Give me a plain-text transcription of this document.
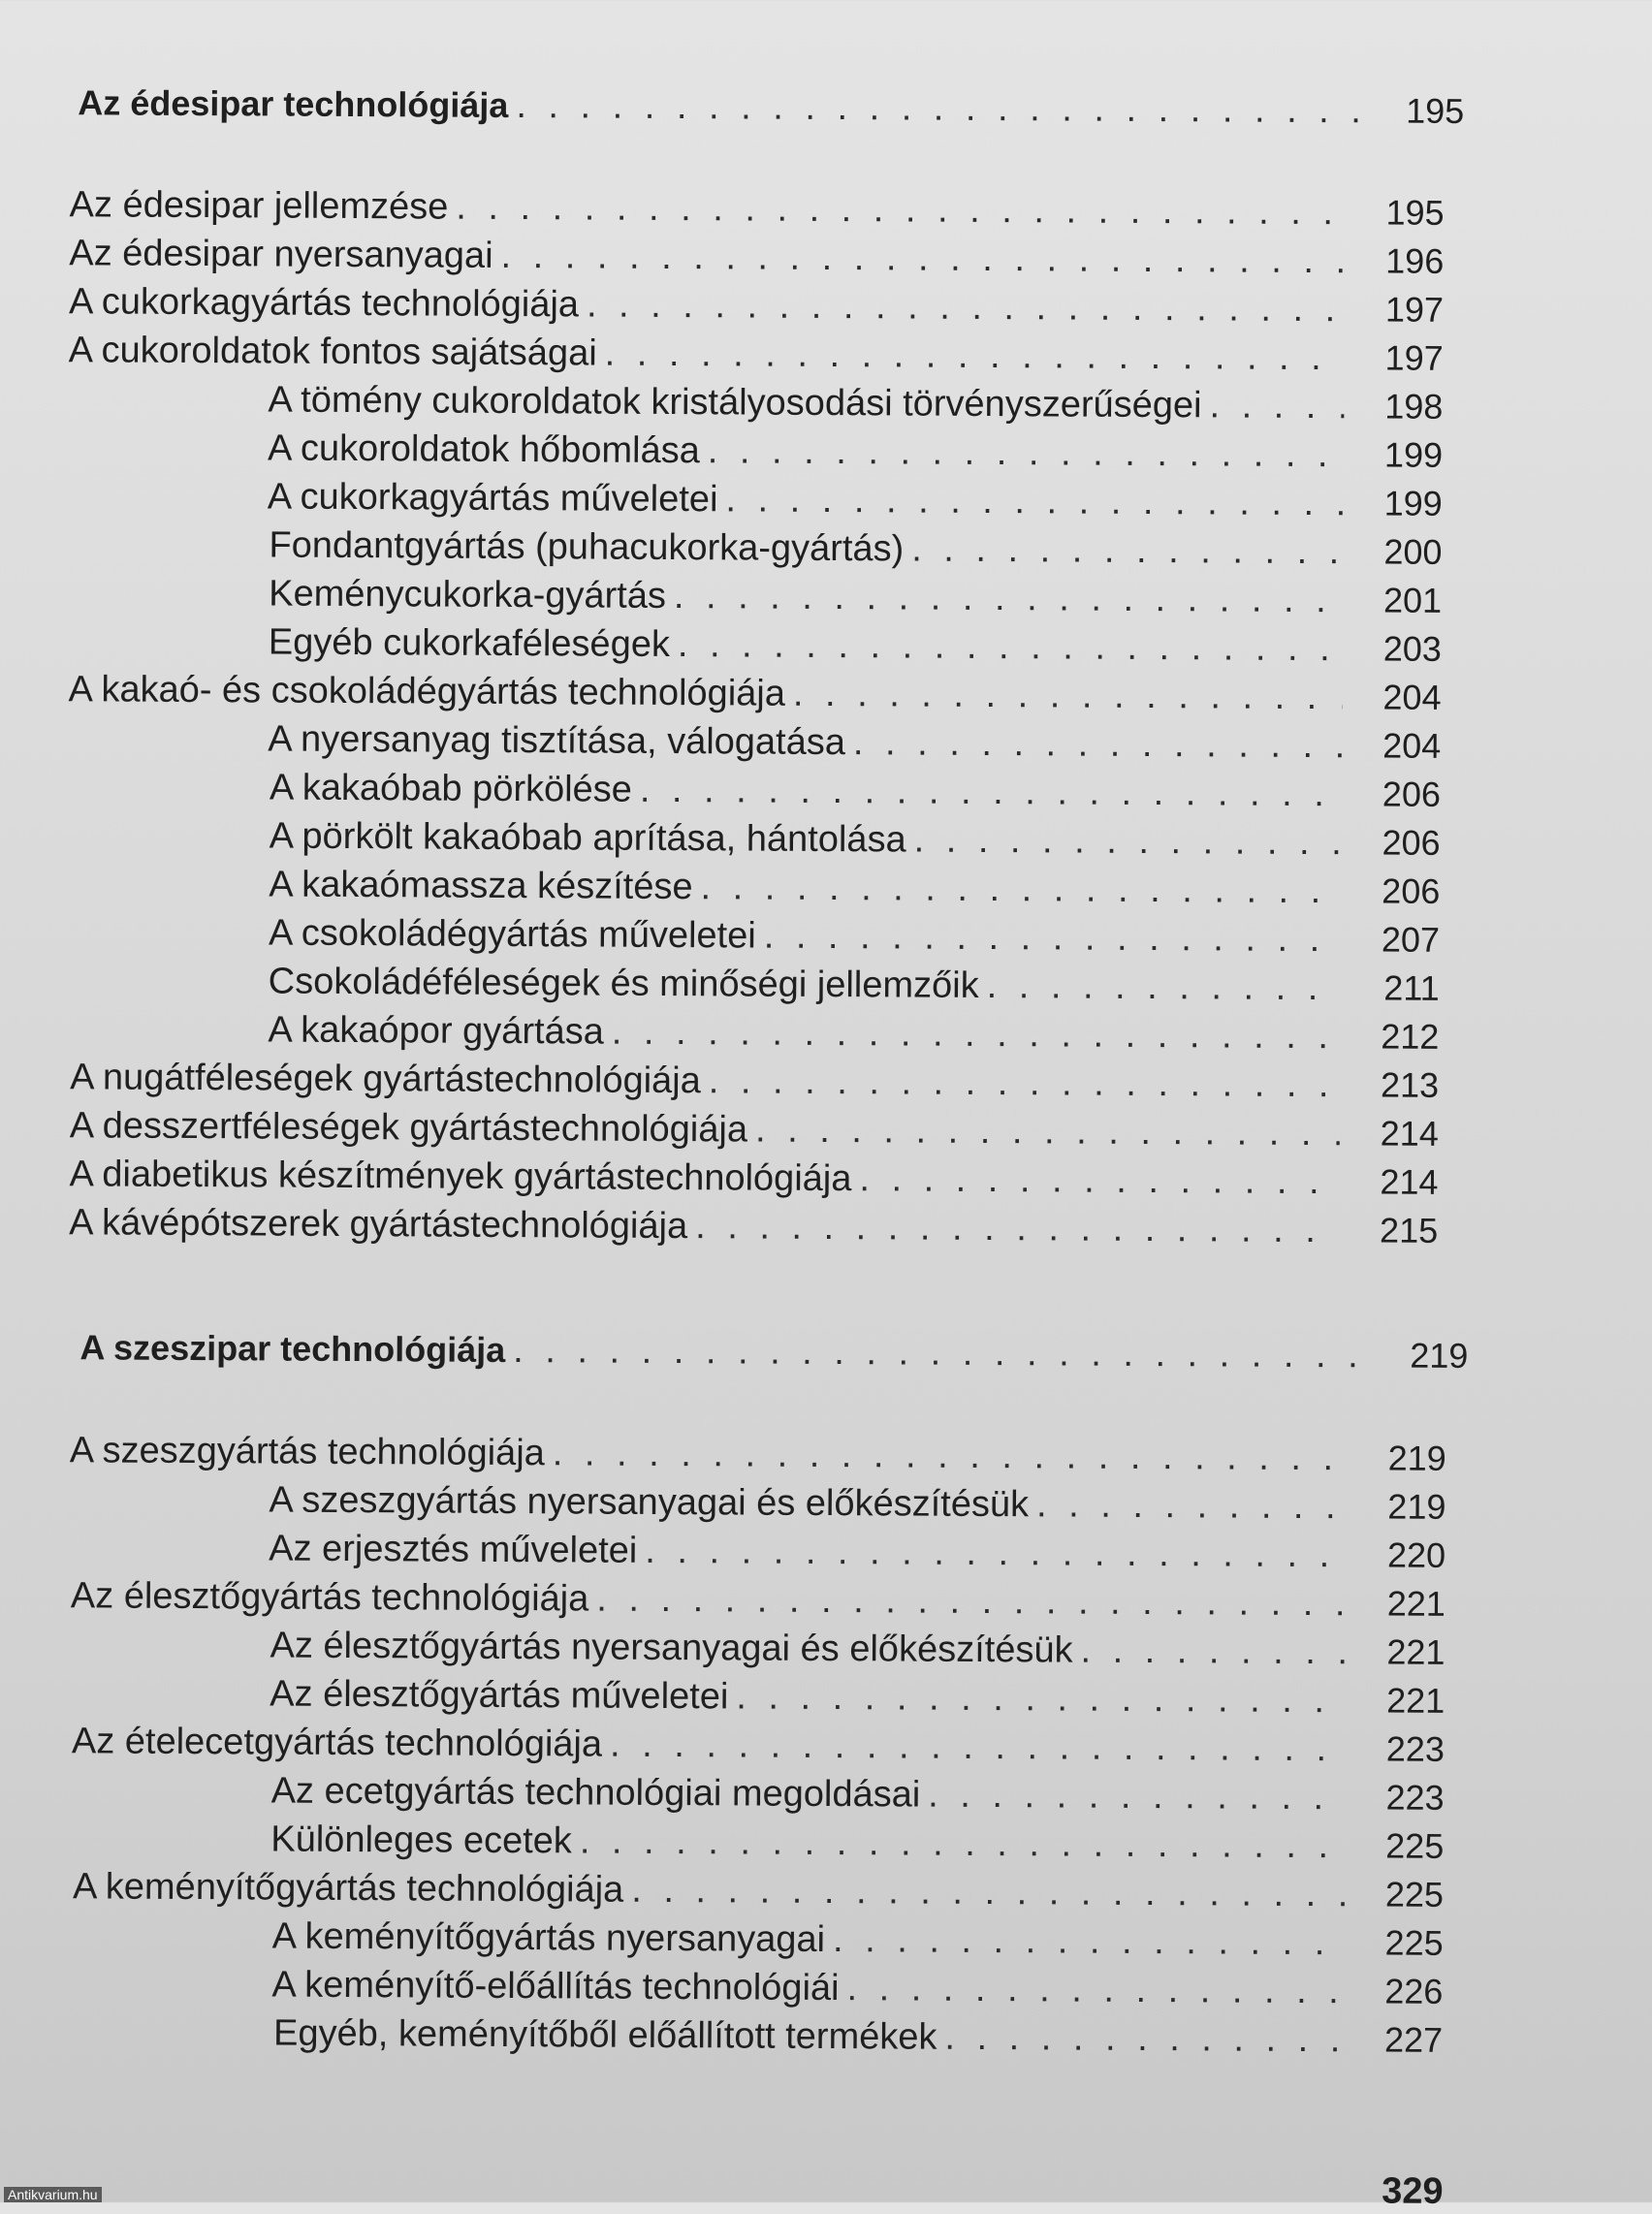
Az édesipar technológiája . . .	195
Az édesipar jellemzése . . .	195
Az édesipar nyersanyagai . . .	196
A cukorkagyártás technológiája . . .	197
A cukoroldatok fontos sajátságai . . .	197
A tömény cukoroldatok kristályosodási törvényszerűségei . . .	198
A cukoroldatok hőbomlása . . .	199
A cukorkagyártás műveletei . . .	199
Fondantgyártás (puhacukorka-gyártás) . . .	200
Keménycukorka-gyártás . . .	201
Egyéb cukorkaféleségek . . .	203
A kakaó- és csokoládégyártás technológiája . . .	204
A nyersanyag tisztítása, válogatása . . .	204
A kakaóbab pörkölése . . .	206
A pörkölt kakaóbab aprítása, hántolása . . .	206
A kakaómassza készítése . . .	206
A csokoládégyártás műveletei . . .	207
Csokoládéféleségek és minőségi jellemzőik . . .	211
A kakaópor gyártása . . .	212
A nugátféleségek gyártástechnológiája . . .	213
A desszertféleségek gyártástechnológiája . . .	214
A diabetikus készítmények gyártástechnológiája . . .	214
A kávépótszerek gyártástechnológiája . . .	215
A szeszipar technológiája . . .	219
A szeszgyártás technológiája . . .	219
A szeszgyártás nyersanyagai és előkészítésük . . .	219
Az erjesztés műveletei . . .	220
Az élesztőgyártás technológiája . . .	221
Az élesztőgyártás nyersanyagai és előkészítésük . . .	221
Az élesztőgyártás műveletei . . .	221
Az ételecetgyártás technológiája . . .	223
Az ecetgyártás technológiai megoldásai . . .	223
Különleges ecetek . . .	225
A keményítőgyártás technológiája . . .	225
A keményítőgyártás nyersanyagai . . .	225
A keményítő-előállítás technológiái . . .	226
Egyéb, keményítőből előállított termékek . . .	227
329
Antikvarium.hu
